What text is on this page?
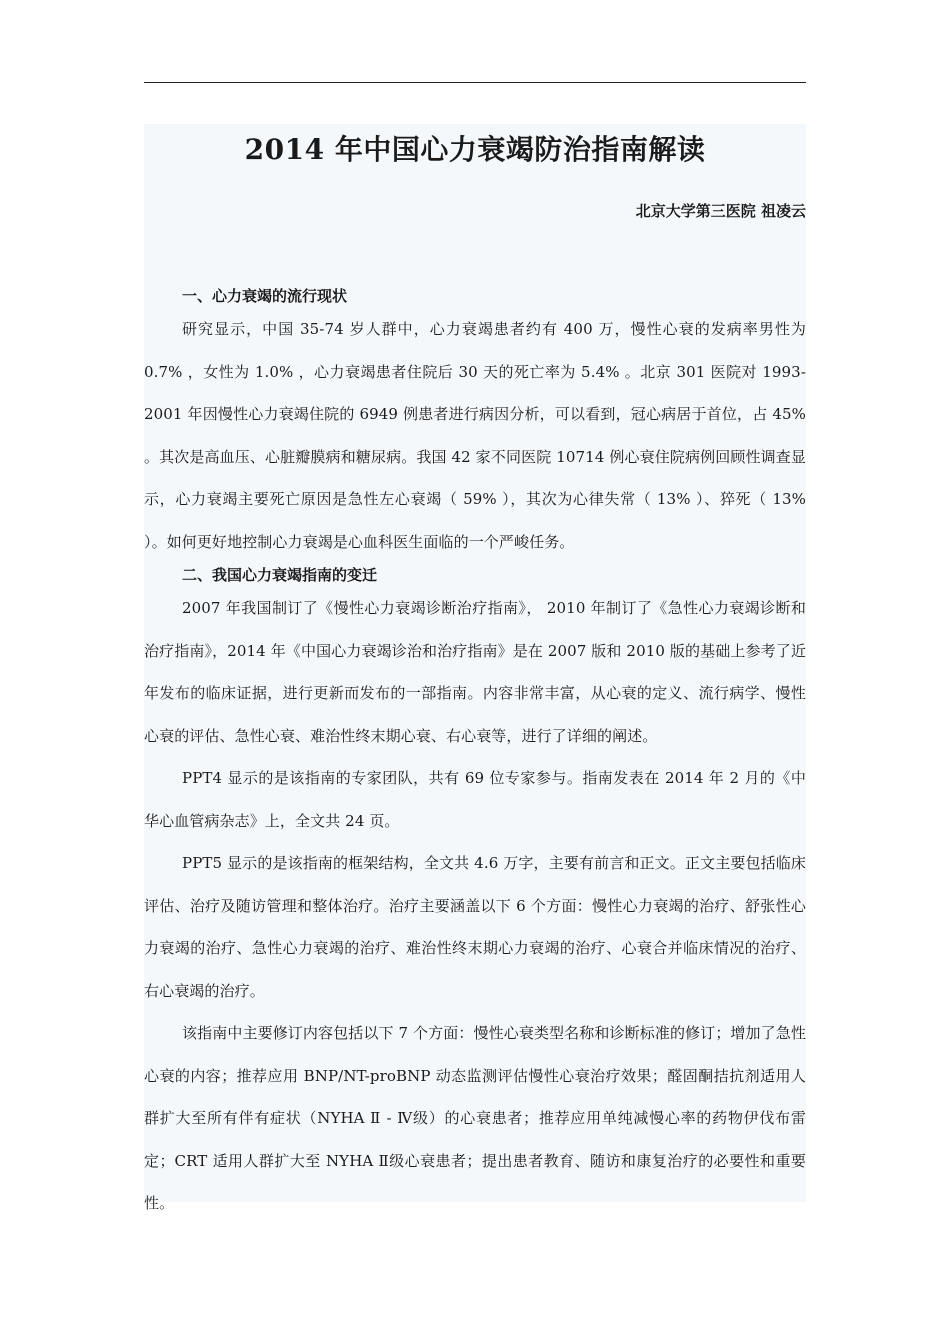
2014 年中国心力衰竭防治指南解读
北京大学第三医院 祖凌云

一、心力衰竭的流行现状

研究显示，中国 35-74 岁人群中，心力衰竭患者约有 400 万，慢性心衰的发病率男性为 0.7% ，女性为 1.0% ，心力衰竭患者住院后 30 天的死亡率为 5.4% 。北京 301 医院对 1993-2001 年因慢性心力衰竭住院的 6949 例患者进行病因分析，可以看到，冠心病居于首位，占 45% 。其次是高血压、心脏瓣膜病和糖尿病。我国 42 家不同医院 10714 例心衰住院病例回顾性调查显示，心力衰竭主要死亡原因是急性左心衰竭（ 59% ），其次为心律失常（ 13% ）、猝死（ 13% ）。如何更好地控制心力衰竭是心血科医生面临的一个严峻任务。

二、我国心力衰竭指南的变迁

2007 年我国制订了《慢性心力衰竭诊断治疗指南》， 2010 年制订了《急性心力衰竭诊断和治疗指南》，2014 年《中国心力衰竭诊治和治疗指南》是在 2007 版和 2010 版的基础上参考了近年发布的临床证据，进行更新而发布的一部指南。内容非常丰富，从心衰的定义、流行病学、慢性心衰的评估、急性心衰、难治性终末期心衰、右心衰等，进行了详细的阐述。

PPT4 显示的是该指南的专家团队，共有 69 位专家参与。指南发表在 2014 年 2 月的《中华心血管病杂志》上，全文共 24 页。

PPT5 显示的是该指南的框架结构，全文共 4.6 万字，主要有前言和正文。正文主要包括临床评估、治疗及随访管理和整体治疗。治疗主要涵盖以下 6 个方面：慢性心力衰竭的治疗、舒张性心力衰竭的治疗、急性心力衰竭的治疗、难治性终末期心力衰竭的治疗、心衰合并临床情况的治疗、右心衰竭的治疗。

该指南中主要修订内容包括以下 7 个方面：慢性心衰类型名称和诊断标准的修订；增加了急性心衰的内容；推荐应用 BNP/NT-proBNP 动态监测评估慢性心衰治疗效果；醛固酮拮抗剂适用人群扩大至所有伴有症状（NYHA Ⅱ - Ⅳ级）的心衰患者；推荐应用单纯减慢心率的药物伊伐布雷定；CRT 适用人群扩大至 NYHA Ⅱ级心衰患者；提出患者教育、随访和康复治疗的必要性和重要性。
